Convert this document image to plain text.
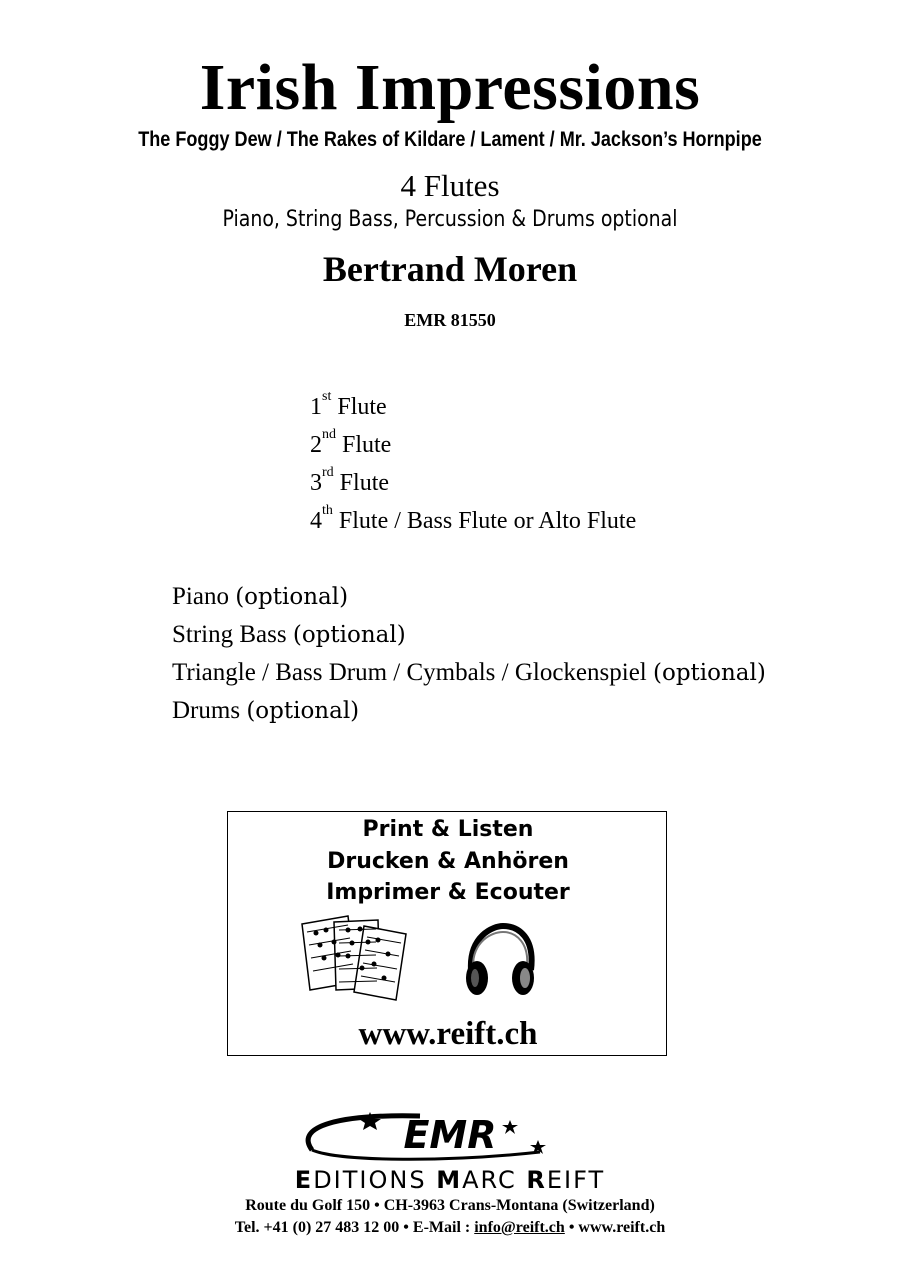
Irish Impressions
The Foggy Dew / The Rakes of Kildare / Lament / Mr. Jackson’s Hornpipe
4 Flutes
Piano, String Bass, Percussion & Drums optional
Bertrand Moren
EMR 81550
1st Flute
2nd Flute
3rd Flute
4th Flute / Bass Flute or Alto Flute
Piano (optional)
String Bass (optional)
Triangle / Bass Drum / Cymbals / Glockenspiel (optional)
Drums (optional)
Print & Listen
Drucken & Anhören
Imprimer & Ecouter
www.reift.ch
EMR
EDITIONS MARC REIFT
Route du Golf 150 • CH-3963 Crans-Montana (Switzerland)
Tel. +41 (0) 27 483 12 00 • E-Mail : info@reift.ch • www.reift.ch
